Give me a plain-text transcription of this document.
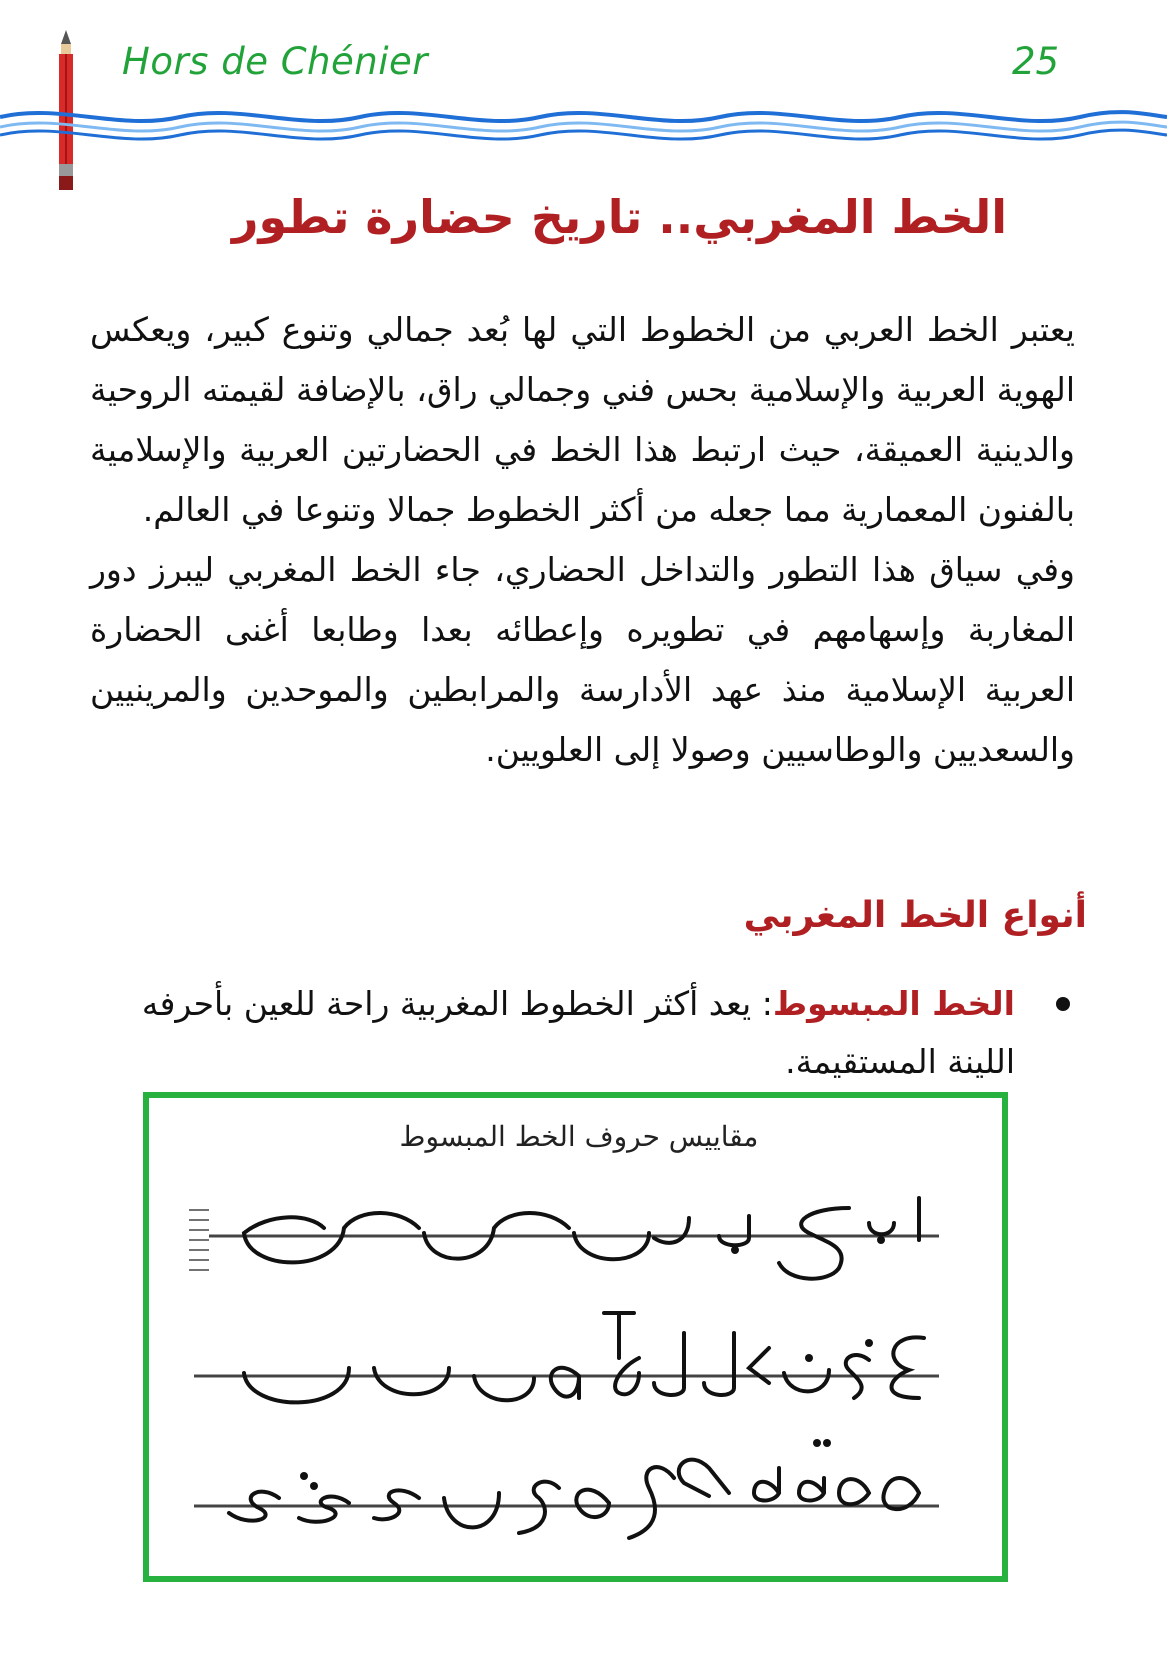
Hors de Chénier	25
الخط المغربي.. تاريخ حضارة تطور

يعتبر الخط العربي من الخطوط التي لها بُعد جمالي وتنوع كبير، ويعكس الهوية العربية والإسلامية بحس فني وجمالي راق، بالإضافة لقيمته الروحية والدينية العميقة، حيث ارتبط هذا الخط في الحضارتين العربية والإسلامية بالفنون المعمارية مما جعله من أكثر الخطوط جمالا وتنوعا في العالم.

وفي سياق هذا التطور والتداخل الحضاري، جاء الخط المغربي ليبرز دور المغاربة وإسهامهم في تطويره وإعطائه بعدا وطابعا أغنى الحضارة العربية الإسلامية منذ عهد الأدارسة والمرابطين والموحدين والمرينيين والسعديين والوطاسيين وصولا إلى العلويين.

أنواع الخط المغربي
الخط المبسوط: يعد أكثر الخطوط المغربية راحة للعين بأحرفه اللينة المستقيمة.
مقاييس حروف الخط المبسوط
